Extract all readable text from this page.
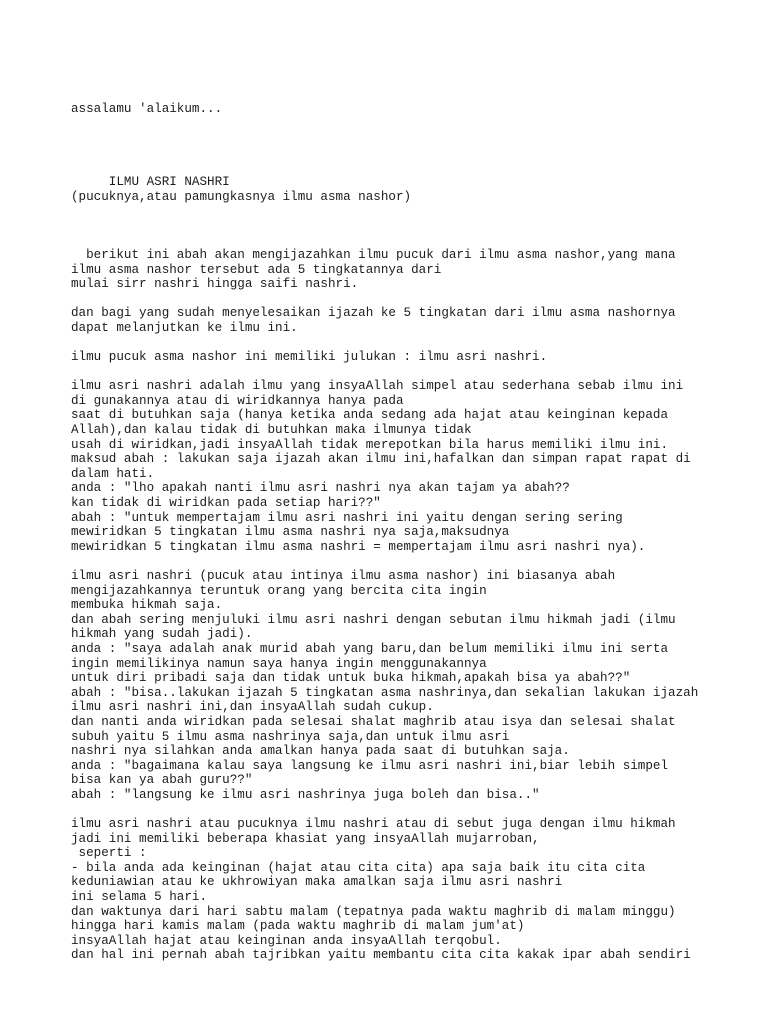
assalamu 'alaikum...
ILMU ASRI NASHRI
(pucuknya,atau pamungkasnya ilmu asma nashor)
berikut ini abah akan mengijazahkan ilmu pucuk dari ilmu asma nashor,yang mana
ilmu asma nashor tersebut ada 5 tingkatannya dari
mulai sirr nashri hingga saifi nashri.
dan bagi yang sudah menyelesaikan ijazah ke 5 tingkatan dari ilmu asma nashornya
dapat melanjutkan ke ilmu ini.
ilmu pucuk asma nashor ini memiliki julukan : ilmu asri nashri.
ilmu asri nashri adalah ilmu yang insyaAllah simpel atau sederhana sebab ilmu ini
di gunakannya atau di wiridkannya hanya pada
saat di butuhkan saja (hanya ketika anda sedang ada hajat atau keinginan kepada
Allah),dan kalau tidak di butuhkan maka ilmunya tidak
usah di wiridkan,jadi insyaAllah tidak merepotkan bila harus memiliki ilmu ini.
maksud abah : lakukan saja ijazah akan ilmu ini,hafalkan dan simpan rapat rapat di
dalam hati.
anda : "lho apakah nanti ilmu asri nashri nya akan tajam ya abah??
kan tidak di wiridkan pada setiap hari??"
abah : "untuk mempertajam ilmu asri nashri ini yaitu dengan sering sering
mewiridkan 5 tingkatan ilmu asma nashri nya saja,maksudnya
mewiridkan 5 tingkatan ilmu asma nashri = mempertajam ilmu asri nashri nya).
ilmu asri nashri (pucuk atau intinya ilmu asma nashor) ini biasanya abah
mengijazahkannya teruntuk orang yang bercita cita ingin
membuka hikmah saja.
dan abah sering menjuluki ilmu asri nashri dengan sebutan ilmu hikmah jadi (ilmu
hikmah yang sudah jadi).
anda : "saya adalah anak murid abah yang baru,dan belum memiliki ilmu ini serta
ingin memilikinya namun saya hanya ingin menggunakannya
untuk diri pribadi saja dan tidak untuk buka hikmah,apakah bisa ya abah??"
abah : "bisa..lakukan ijazah 5 tingkatan asma nashrinya,dan sekalian lakukan ijazah
ilmu asri nashri ini,dan insyaAllah sudah cukup.
dan nanti anda wiridkan pada selesai shalat maghrib atau isya dan selesai shalat
subuh yaitu 5 ilmu asma nashrinya saja,dan untuk ilmu asri
nashri nya silahkan anda amalkan hanya pada saat di butuhkan saja.
anda : "bagaimana kalau saya langsung ke ilmu asri nashri ini,biar lebih simpel
bisa kan ya abah guru??"
abah : "langsung ke ilmu asri nashrinya juga boleh dan bisa.."
ilmu asri nashri atau pucuknya ilmu nashri atau di sebut juga dengan ilmu hikmah
jadi ini memiliki beberapa khasiat yang insyaAllah mujarroban,
seperti :
- bila anda ada keinginan (hajat atau cita cita) apa saja baik itu cita cita
keduniawian atau ke ukhrowiyan maka amalkan saja ilmu asri nashri
ini selama 5 hari.
dan waktunya dari hari sabtu malam (tepatnya pada waktu maghrib di malam minggu)
hingga hari kamis malam (pada waktu maghrib di malam jum'at)
insyaAllah hajat atau keinginan anda insyaAllah terqobul.
dan hal ini pernah abah tajribkan yaitu membantu cita cita kakak ipar abah sendiri
